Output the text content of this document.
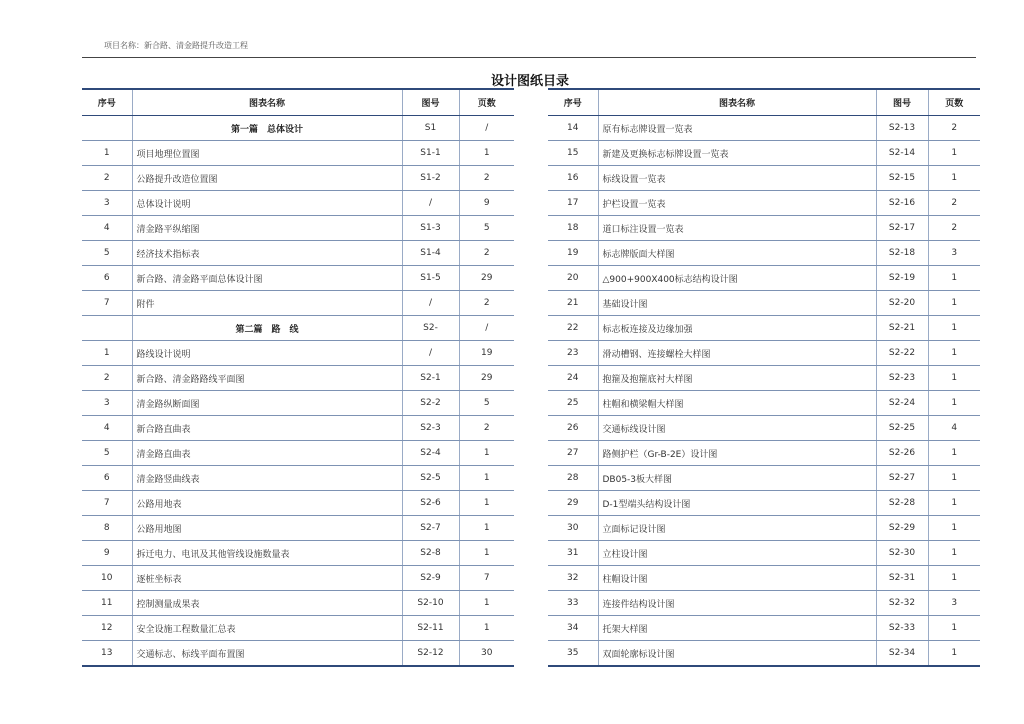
项目名称：新合路、清金路提升改造工程
设计图纸目录
序号	图表名称	图号	页数
	第一篇　总体设计	S1	/
1	项目地理位置图	S1-1	1
2	公路提升改造位置图	S1-2	2
3	总体设计说明	/	9
4	清金路平纵缩图	S1-3	5
5	经济技术指标表	S1-4	2
6	新合路、清金路平面总体设计图	S1-5	29
7	附件	/	2
	第二篇　路　线	S2-	/
1	路线设计说明	/	19
2	新合路、清金路路线平面图	S2-1	29
3	清金路纵断面图	S2-2	5
4	新合路直曲表	S2-3	2
5	清金路直曲表	S2-4	1
6	清金路竖曲线表	S2-5	1
7	公路用地表	S2-6	1
8	公路用地图	S2-7	1
9	拆迁电力、电讯及其他管线设施数量表	S2-8	1
10	逐桩坐标表	S2-9	7
11	控制测量成果表	S2-10	1
12	安全设施工程数量汇总表	S2-11	1
13	交通标志、标线平面布置图	S2-12	30
序号	图表名称	图号	页数
14	原有标志牌设置一览表	S2-13	2
15	新建及更换标志标牌设置一览表	S2-14	1
16	标线设置一览表	S2-15	1
17	护栏设置一览表	S2-16	2
18	道口标注设置一览表	S2-17	2
19	标志牌版面大样图	S2-18	3
20	△900+900X400标志结构设计图	S2-19	1
21	基础设计图	S2-20	1
22	标志板连接及边缘加强	S2-21	1
23	滑动槽钢、连接螺栓大样图	S2-22	1
24	抱箍及抱箍底衬大样图	S2-23	1
25	柱帽和横梁帽大样图	S2-24	1
26	交通标线设计图	S2-25	4
27	路侧护栏（Gr-B-2E）设计图	S2-26	1
28	DB05-3板大样图	S2-27	1
29	D-1型端头结构设计图	S2-28	1
30	立面标记设计图	S2-29	1
31	立柱设计图	S2-30	1
32	柱帽设计图	S2-31	1
33	连接件结构设计图	S2-32	3
34	托架大样图	S2-33	1
35	双面轮廓标设计图	S2-34	1
